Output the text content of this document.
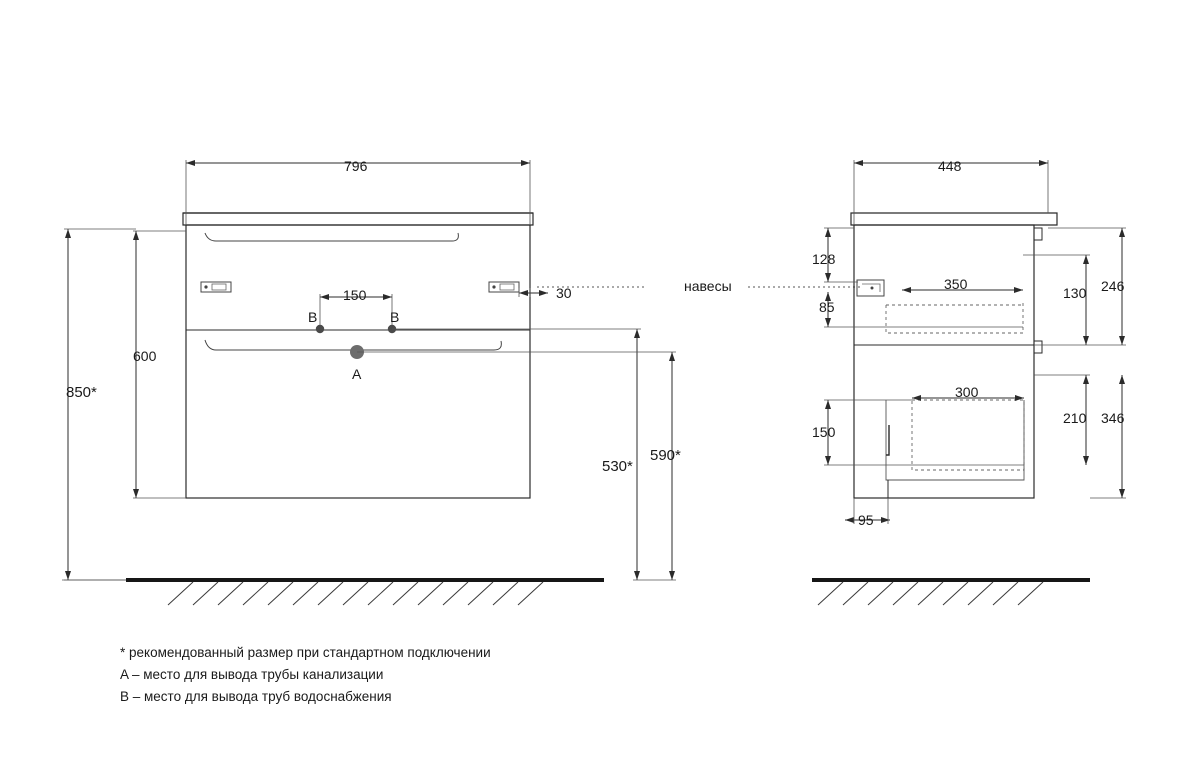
796
600
850*
150	30
530*
590*
B	B
A
навесы
448
128
85
150
95
350
300
130 246
210 346
* рекомендованный размер при стандартном подключении
A – место для вывода трубы канализации
B – место для вывода труб водоснабжения
